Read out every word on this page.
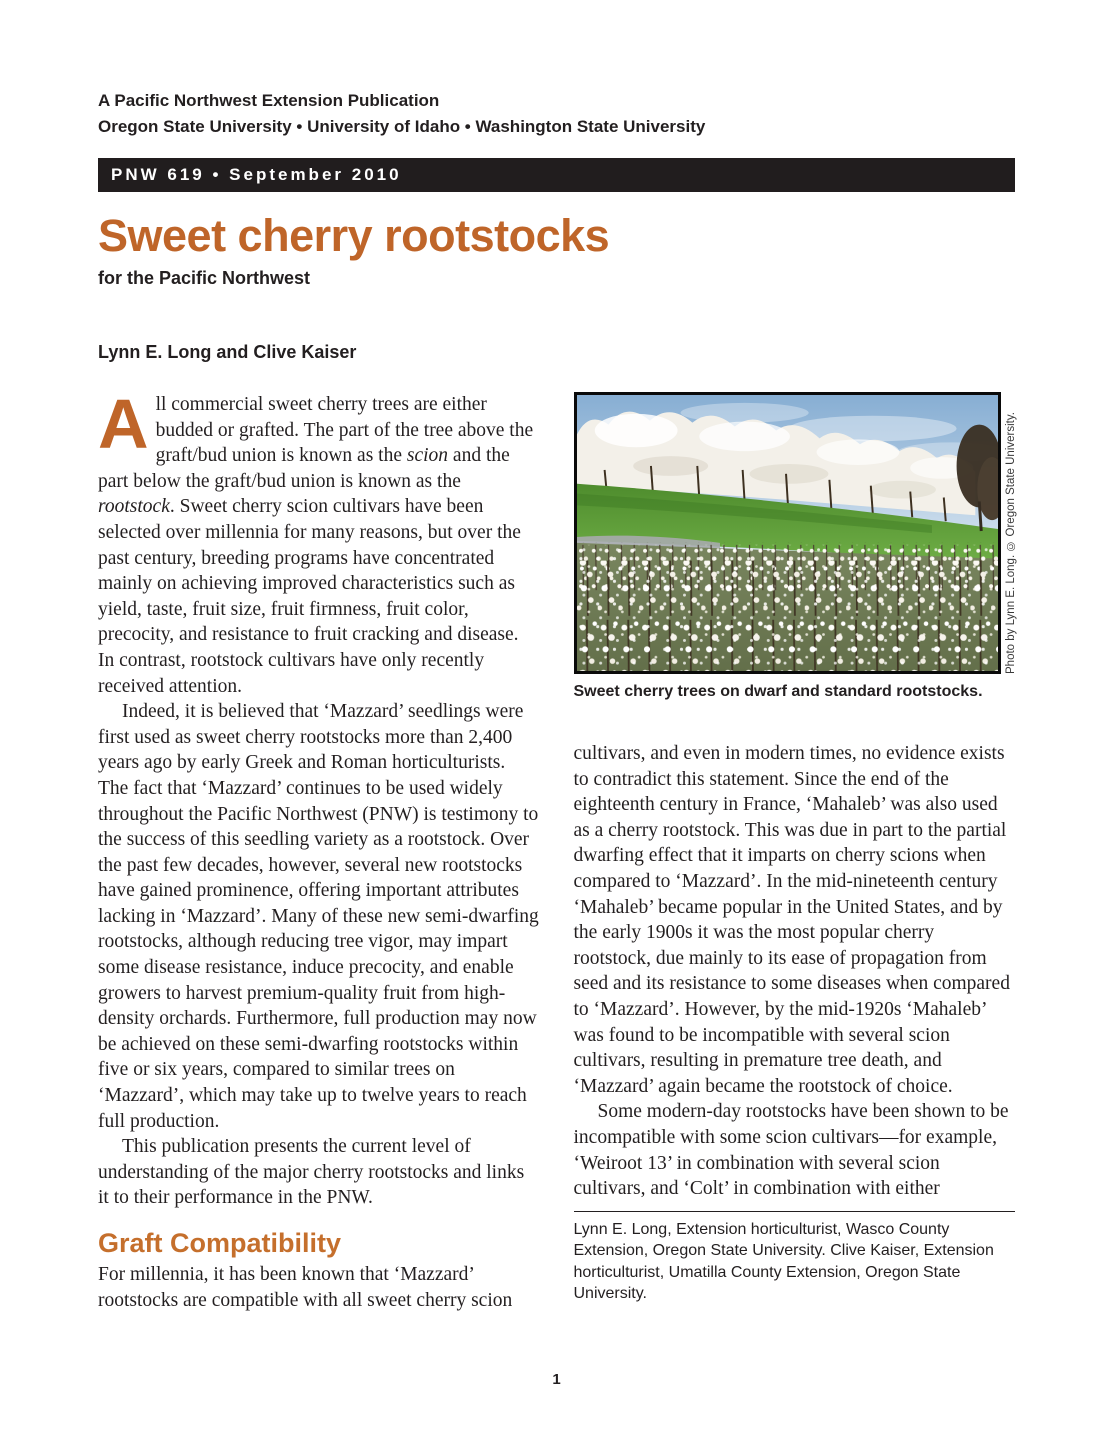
A Pacific Northwest Extension Publication
Oregon State University • University of Idaho • Washington State University
PNW 619 • September 2010
Sweet cherry rootstocks
for the Pacific Northwest
Lynn E. Long and Clive Kaiser

All commercial sweet cherry trees are either budded or grafted. The part of the tree above the graft/bud union is known as the scion and the part below the graft/bud union is known as the rootstock. Sweet cherry scion cultivars have been selected over millennia for many reasons, but over the past century, breeding programs have concentrated mainly on achieving improved characteristics such as yield, taste, fruit size, fruit firmness, fruit color, precocity, and resistance to fruit cracking and disease. In contrast, rootstock cultivars have only recently received attention.

Indeed, it is believed that ‘Mazzard’ seedlings were first used as sweet cherry rootstocks more than 2,400 years ago by early Greek and Roman horticulturists. The fact that ‘Mazzard’ continues to be used widely throughout the Pacific Northwest (PNW) is testimony to the success of this seedling variety as a rootstock. Over the past few decades, however, several new rootstocks have gained prominence, offering important attributes lacking in ‘Mazzard’. Many of these new semi-dwarfing rootstocks, although reducing tree vigor, may impart some disease resistance, induce precocity, and enable growers to harvest premium-quality fruit from high-density orchards. Furthermore, full production may now be achieved on these semi-dwarfing rootstocks within five or six years, compared to similar trees on ‘Mazzard’, which may take up to twelve years to reach full production.

This publication presents the current level of understanding of the major cherry rootstocks and links it to their performance in the PNW.

Graft Compatibility

For millennia, it has been known that ‘Mazzard’ rootstocks are compatible with all sweet cherry scion

Photo by Lynn E. Long. © Oregon State University.
Sweet cherry trees on dwarf and standard rootstocks.

cultivars, and even in modern times, no evidence exists to contradict this statement. Since the end of the eighteenth century in France, ‘Mahaleb’ was also used as a cherry rootstock. This was due in part to the partial dwarfing effect that it imparts on cherry scions when compared to ‘Mazzard’. In the mid-nineteenth century ‘Mahaleb’ became popular in the United States, and by the early 1900s it was the most popular cherry rootstock, due mainly to its ease of propagation from seed and its resistance to some diseases when compared to ‘Mazzard’. However, by the mid-1920s ‘Mahaleb’ was found to be incompatible with several scion cultivars, resulting in premature tree death, and ‘Mazzard’ again became the rootstock of choice.

Some modern-day rootstocks have been shown to be incompatible with some scion cultivars—for example, ‘Weiroot 13’ in combination with several scion cultivars, and ‘Colt’ in combination with either

Lynn E. Long, Extension horticulturist, Wasco County Extension, Oregon State University. Clive Kaiser, Extension horticulturist, Umatilla County Extension, Oregon State University.

1
